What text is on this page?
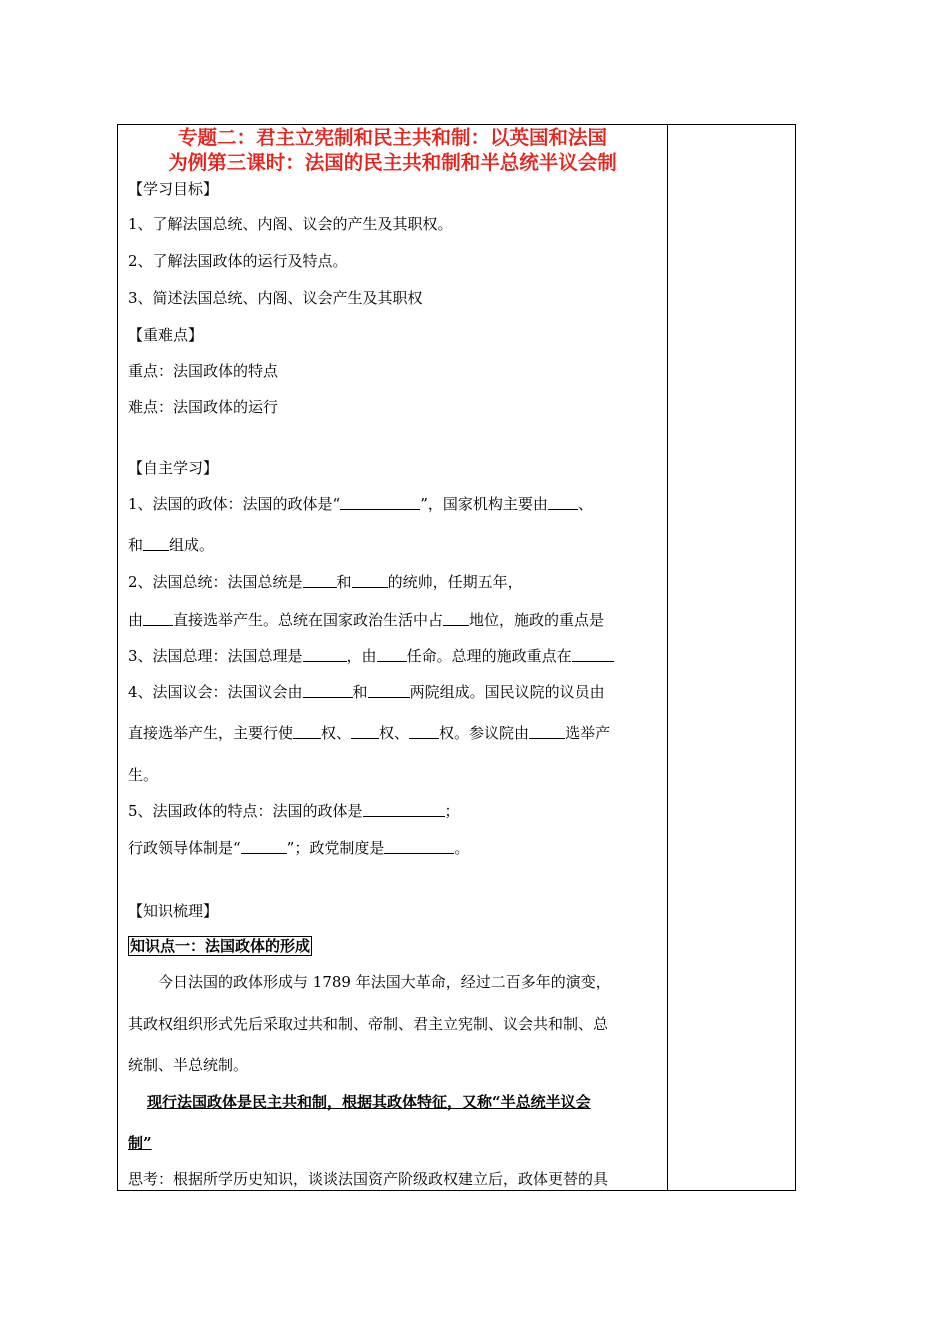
专题二：君主立宪制和民主共和制：以英国和法国
为例第三课时：法国的民主共和制和半总统半议会制
【学习目标】
1、了解法国总统、内阁、议会的产生及其职权。
2、了解法国政体的运行及特点。
3、简述法国总统、内阁、议会产生及其职权
【重难点】
重点：法国政体的特点
难点：法国政体的运行
【自主学习】
1、法国的政体：法国的政体是“	”，国家机构主要由 、
和 组成。
2、法国总统：法国总统是 和 的统帅，任期五年，
由 直接选举产生。总统在国家政治生活中占 地位，施政的重点是
3、法国总理：法国总理是	，由 任命。总理的施政重点在
4、法国议会：法国议会由	和	两院组成。国民议院的议员由
直接选举产生，主要行使 权、 权、 权。参议院由 选举产
生。
5、法国政体的特点：法国的政体是	；
行政领导体制是“	”；政党制度是	。
【知识梳理】
知识点一：法国政体的形成
今日法国的政体形成与 1789 年法国大革命，经过二百多年的演变，
其政权组织形式先后采取过共和制、帝制、君主立宪制、议会共和制、总
统制、半总统制。
现行法国政体是民主共和制，根据其政体特征，又称“半总统半议会
制”
思考：根据所学历史知识，谈谈法国资产阶级政权建立后，政体更替的具
